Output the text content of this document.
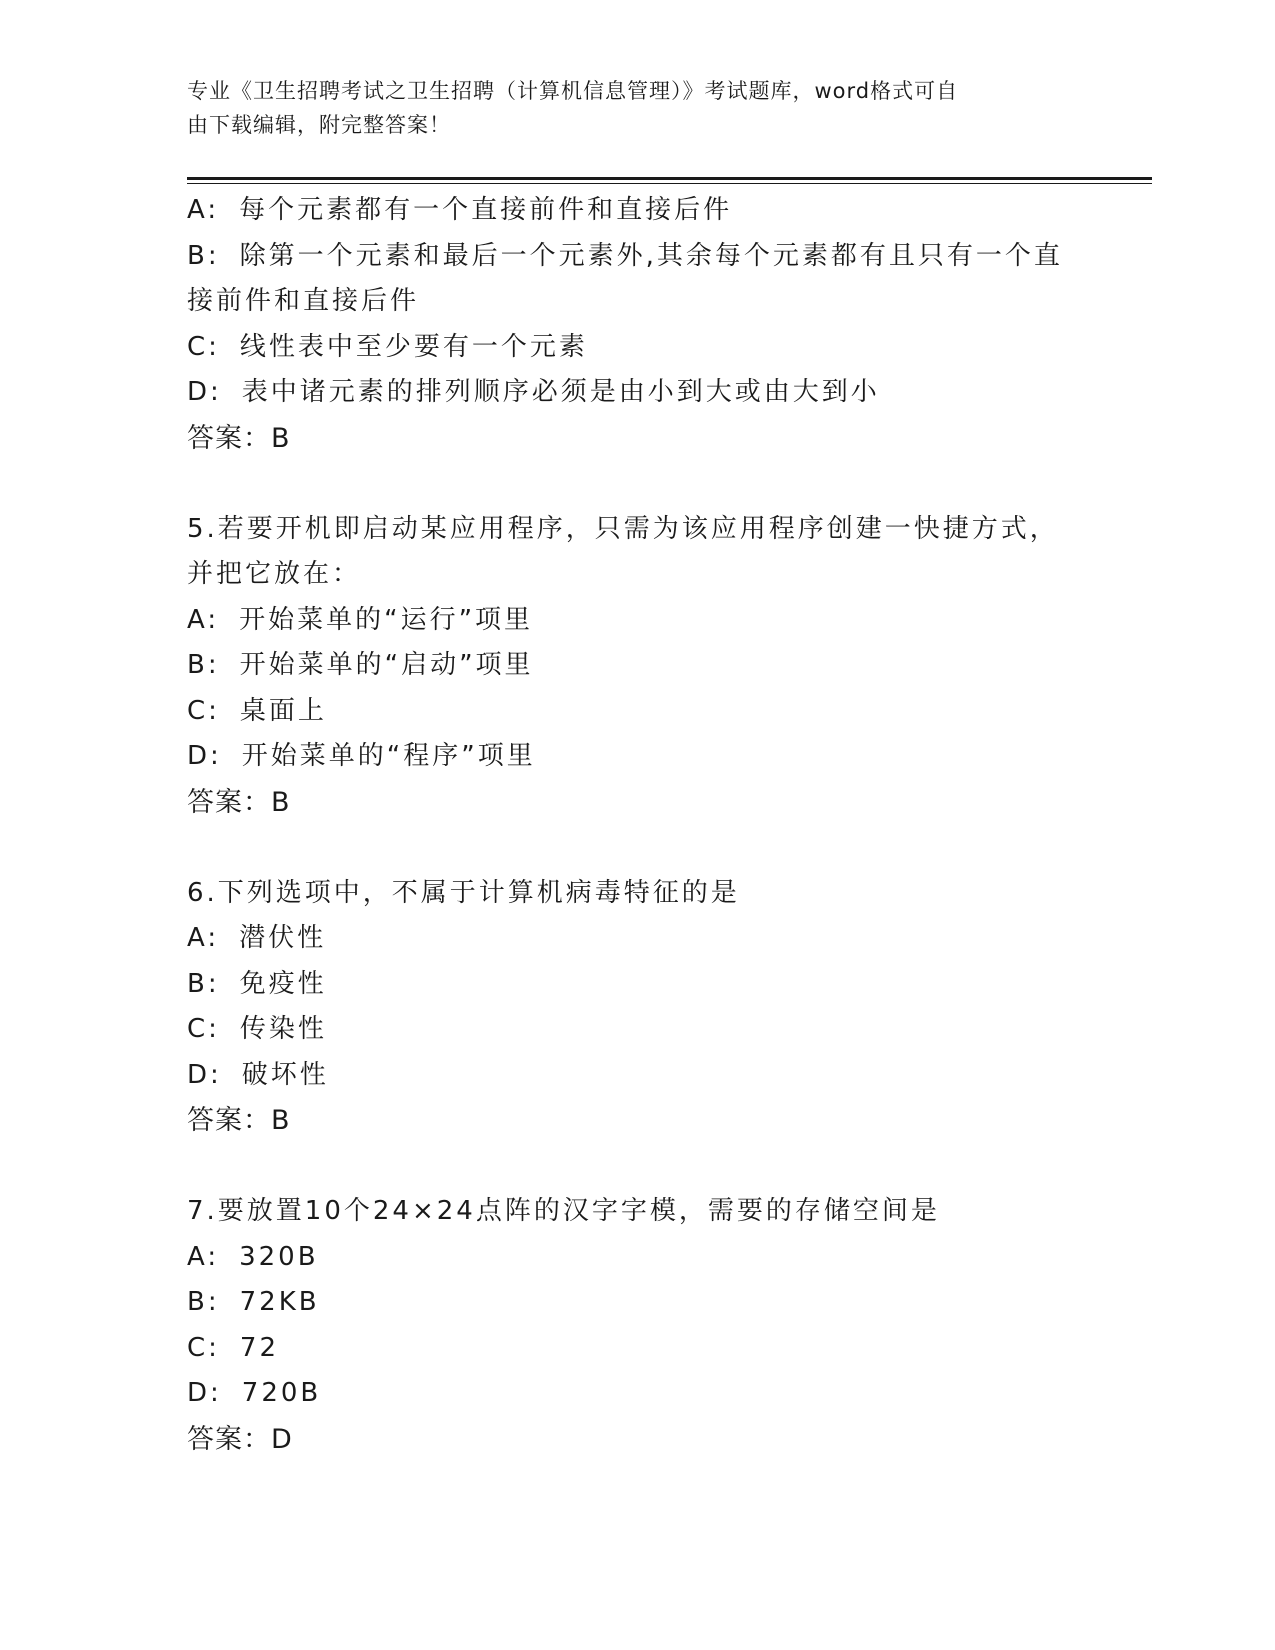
专业《卫生招聘考试之卫生招聘（计算机信息管理）》考试题库，word格式可自
由下载编辑，附完整答案！
A: 每个元素都有一个直接前件和直接后件
B: 除第一个元素和最后一个元素外,其余每个元素都有且只有一个直
接前件和直接后件
C: 线性表中至少要有一个元素
D: 表中诸元素的排列顺序必须是由小到大或由大到小
答案：B
5.若要开机即启动某应用程序，只需为该应用程序创建一快捷方式，
并把它放在：
A: 开始菜单的“运行”项里
B: 开始菜单的“启动”项里
C: 桌面上
D: 开始菜单的“程序”项里
答案：B
6.下列选项中，不属于计算机病毒特征的是
A: 潜伏性
B: 免疫性
C: 传染性
D: 破坏性
答案：B
7.要放置10个24×24点阵的汉字字模，需要的存储空间是
A: 320B
B: 72KB
C: 72
D: 720B
答案：D
